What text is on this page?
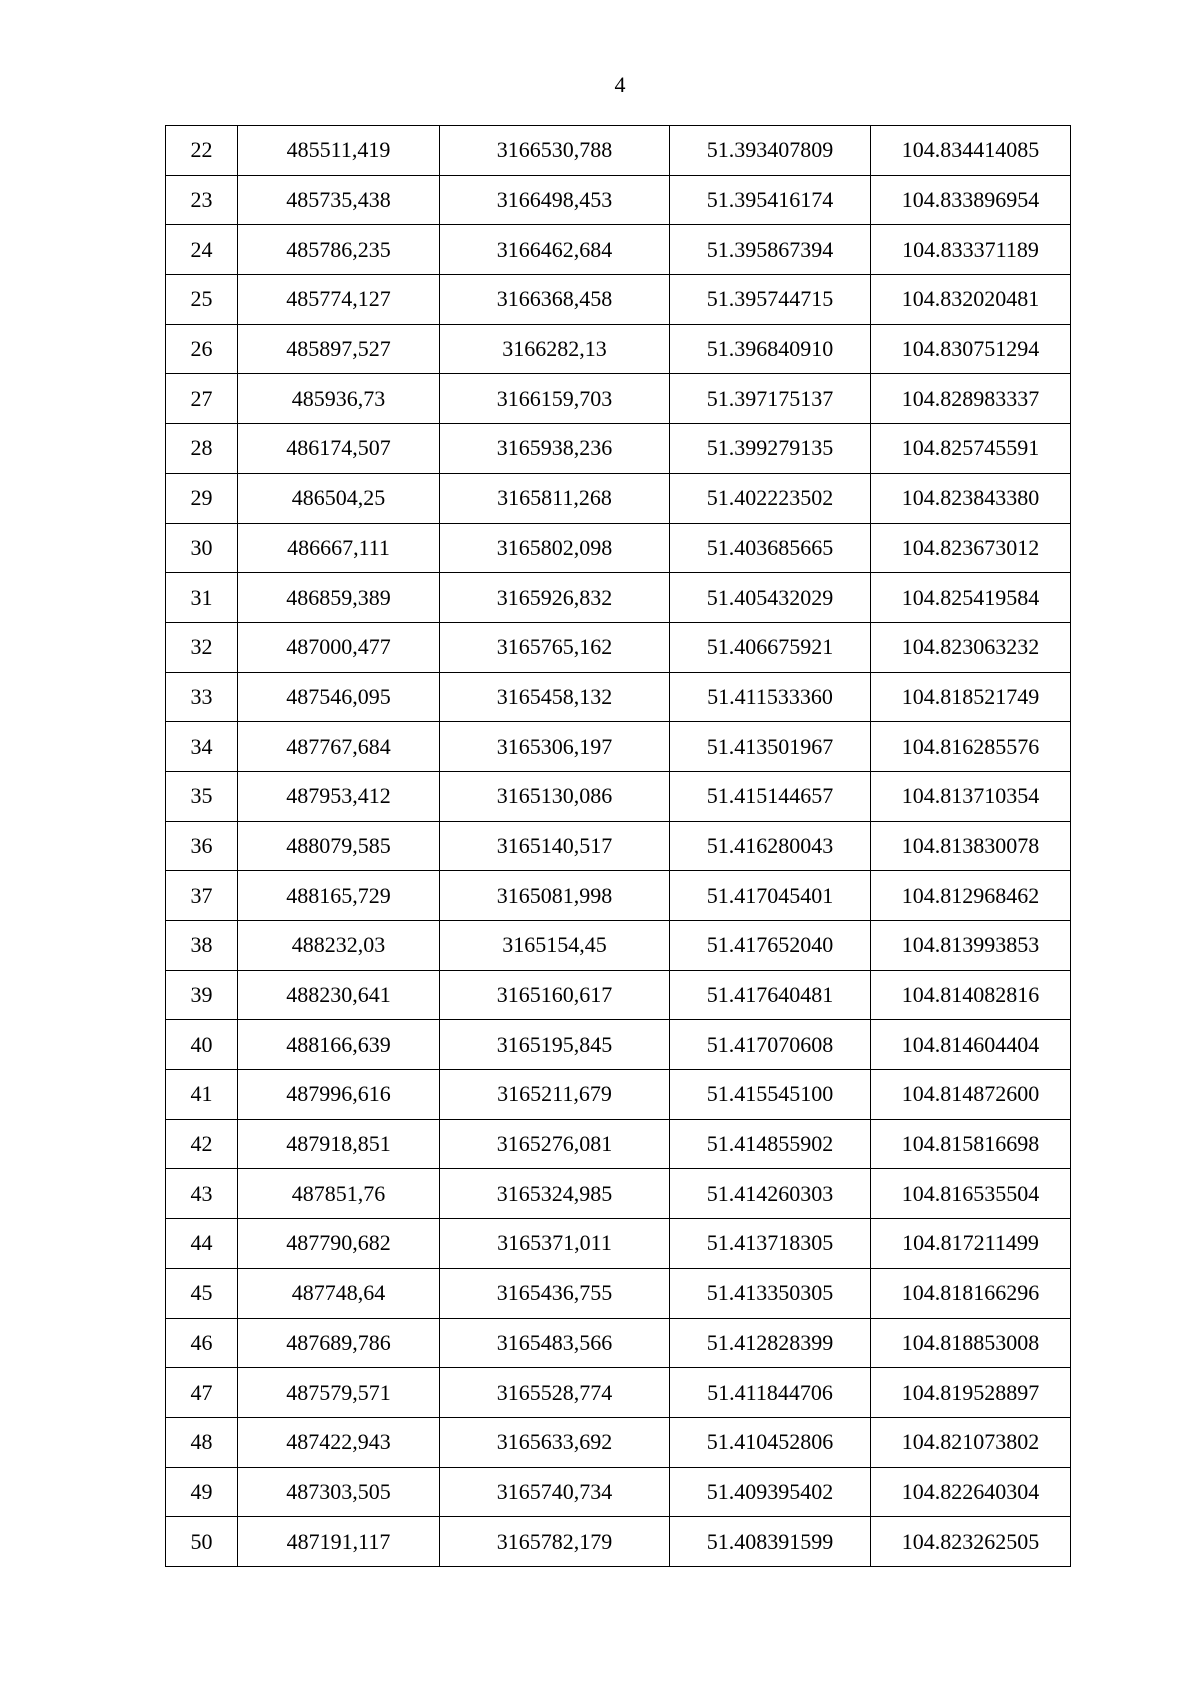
4
22	485511,419	3166530,788	51.393407809	104.834414085
23	485735,438	3166498,453	51.395416174	104.833896954
24	485786,235	3166462,684	51.395867394	104.833371189
25	485774,127	3166368,458	51.395744715	104.832020481
26	485897,527	3166282,13	51.396840910	104.830751294
27	485936,73	3166159,703	51.397175137	104.828983337
28	486174,507	3165938,236	51.399279135	104.825745591
29	486504,25	3165811,268	51.402223502	104.823843380
30	486667,111	3165802,098	51.403685665	104.823673012
31	486859,389	3165926,832	51.405432029	104.825419584
32	487000,477	3165765,162	51.406675921	104.823063232
33	487546,095	3165458,132	51.411533360	104.818521749
34	487767,684	3165306,197	51.413501967	104.816285576
35	487953,412	3165130,086	51.415144657	104.813710354
36	488079,585	3165140,517	51.416280043	104.813830078
37	488165,729	3165081,998	51.417045401	104.812968462
38	488232,03	3165154,45	51.417652040	104.813993853
39	488230,641	3165160,617	51.417640481	104.814082816
40	488166,639	3165195,845	51.417070608	104.814604404
41	487996,616	3165211,679	51.415545100	104.814872600
42	487918,851	3165276,081	51.414855902	104.815816698
43	487851,76	3165324,985	51.414260303	104.816535504
44	487790,682	3165371,011	51.413718305	104.817211499
45	487748,64	3165436,755	51.413350305	104.818166296
46	487689,786	3165483,566	51.412828399	104.818853008
47	487579,571	3165528,774	51.411844706	104.819528897
48	487422,943	3165633,692	51.410452806	104.821073802
49	487303,505	3165740,734	51.409395402	104.822640304
50	487191,117	3165782,179	51.408391599	104.823262505
